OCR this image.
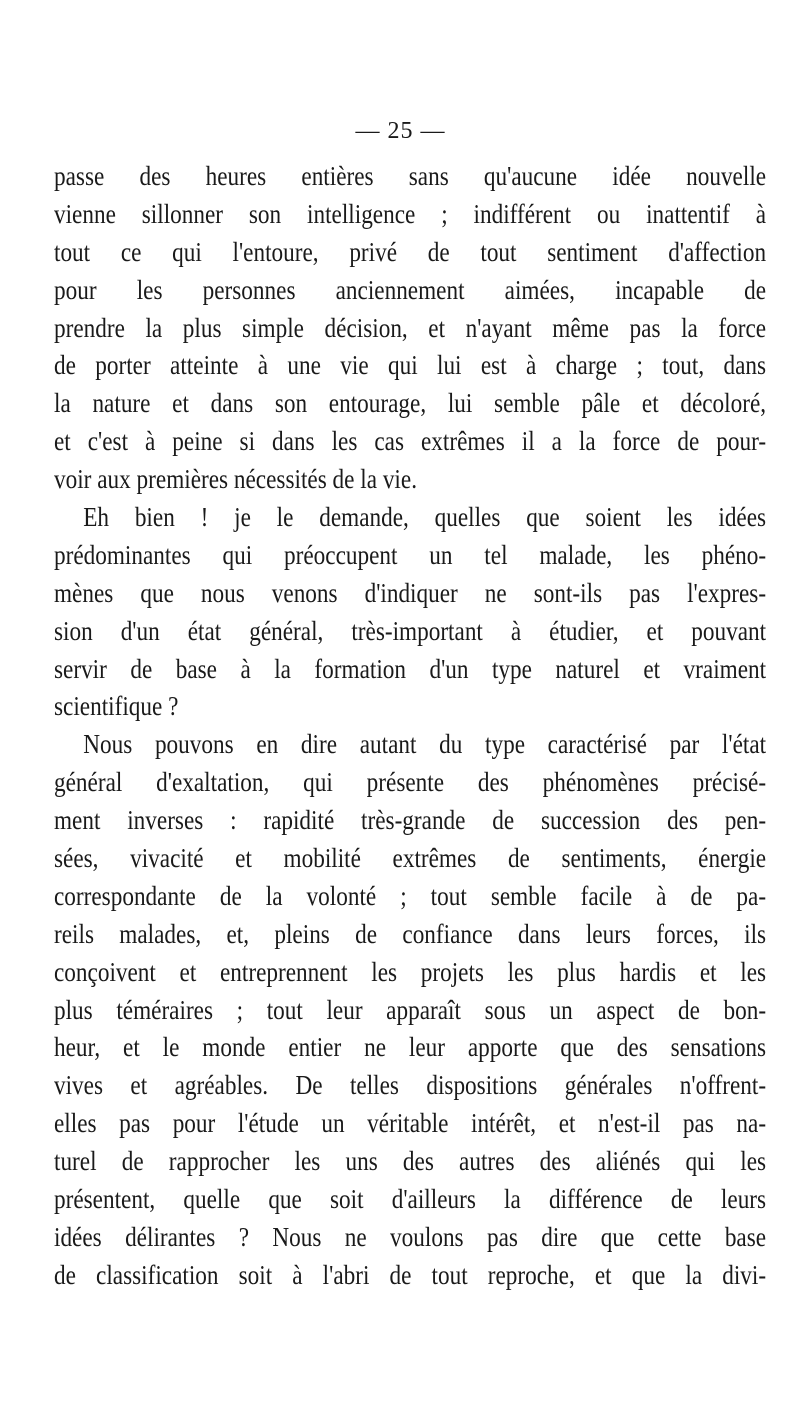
— 25 —
passe des heures entières sans qu'aucune idée nouvelle
vienne sillonner son intelligence ; indifférent ou inattentif à
tout ce qui l'entoure, privé de tout sentiment d'affection
pour les personnes anciennement aimées, incapable de
prendre la plus simple décision, et n'ayant même pas la force
de porter atteinte à une vie qui lui est à charge ; tout, dans
la nature et dans son entourage, lui semble pâle et décoloré,
et c'est à peine si dans les cas extrêmes il a la force de pour-
voir aux premières nécessités de la vie.
Eh bien ! je le demande, quelles que soient les idées
prédominantes qui préoccupent un tel malade, les phéno-
mènes que nous venons d'indiquer ne sont-ils pas l'expres-
sion d'un état général, très-important à étudier, et pouvant
servir de base à la formation d'un type naturel et vraiment
scientifique ?
Nous pouvons en dire autant du type caractérisé par l'état
général d'exaltation, qui présente des phénomènes précisé-
ment inverses : rapidité très-grande de succession des pen-
sées, vivacité et mobilité extrêmes de sentiments, énergie
correspondante de la volonté ; tout semble facile à de pa-
reils malades, et, pleins de confiance dans leurs forces, ils
conçoivent et entreprennent les projets les plus hardis et les
plus téméraires ; tout leur apparaît sous un aspect de bon-
heur, et le monde entier ne leur apporte que des sensations
vives et agréables. De telles dispositions générales n'offrent-
elles pas pour l'étude un véritable intérêt, et n'est-il pas na-
turel de rapprocher les uns des autres des aliénés qui les
présentent, quelle que soit d'ailleurs la différence de leurs
idées délirantes ? Nous ne voulons pas dire que cette base
de classification soit à l'abri de tout reproche, et que la divi-
